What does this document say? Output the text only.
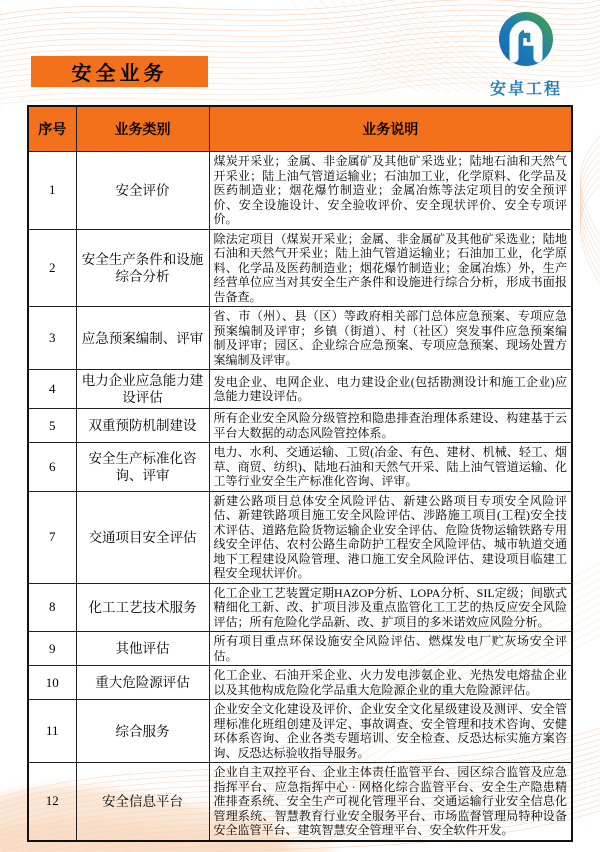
安全业务
安卓工程
序号	业务类别	业务说明
1	安全评价	煤炭开采业；金属、非金属矿及其他矿采选业；陆地石油和天然气开采业；陆上油气管道运输业；石油加工业，化学原料、化学品及医药制造业；烟花爆竹制造业；金属冶炼等法定项目的安全预评价、安全设施设计、安全验收评价、安全现状评价、安全专项评价。
2	安全生产条件和设施综合分析	除法定项目（煤炭开采业；金属、非金属矿及其他矿采选业；陆地石油和天然气开采业；陆上油气管道运输业；石油加工业，化学原料、化学品及医药制造业；烟花爆竹制造业；金属冶炼）外，生产经营单位应当对其安全生产条件和设施进行综合分析，形成书面报告备查。
3	应急预案编制、评审	省、市（州）、县（区）等政府相关部门总体应急预案、专项应急预案编制及评审；乡镇（街道）、村（社区）突发事件应急预案编制及评审；园区、企业综合应急预案、专项应急预案、现场处置方案编制及评审。
4	电力企业应急能力建设评估	发电企业、电网企业、电力建设企业(包括勘测设计和施工企业)应急能力建设评估。
5	双重预防机制建设	所有企业安全风险分级管控和隐患排查治理体系建设、构建基于云平台大数据的动态风险管控体系。
6	安全生产标准化咨询、评审	电力、水利、交通运输、工贸(冶金、有色、建材、机械、轻工、烟草、商贸、纺织)、陆地石油和天然气开采、陆上油气管道运输、化工等行业安全生产标准化咨询、评审。
7	交通项目安全评估	新建公路项目总体安全风险评估、新建公路项目专项安全风险评估、新建铁路项目施工安全风险评估、涉路施工项目(工程)安全技术评估、道路危险货物运输企业安全评估、危险货物运输铁路专用线安全评估、农村公路生命防护工程安全风险评估、城市轨道交通地下工程建设风险管理、港口施工安全风险评估、建设项目临建工程安全现状评价。
8	化工工艺技术服务	化工企业工艺装置定期HAZOP分析、LOPA分析、SIL定级；间歇式精细化工新、改、扩项目涉及重点监管化工工艺的热反应安全风险评估；所有危险化学品新、改、扩项目的多米诺效应风险分析。
9	其他评估	所有项目重点环保设施安全风险评估、燃煤发电厂贮灰场安全评估。
10	重大危险源评估	化工企业、石油开采企业、火力发电涉氨企业、光热发电熔盐企业以及其他构成危险化学品重大危险源企业的重大危险源评估。
11	综合服务	企业安全文化建设及评价、企业安全文化星级建设及测评、安全管理标准化班组创建及评定、事故调查、安全管理和技术咨询、安健环体系咨询、企业各类专题培训、安全检查、反恐达标实施方案咨询、反恐达标验收指导服务。
12	安全信息平台	企业自主双控平台、企业主体责任监管平台、园区综合监管及应急指挥平台、应急指挥中心 · 网格化综合监管平台、安全生产隐患精准排查系统、安全生产可视化管理平台、交通运输行业安全信息化管理系统、智慧教育行业安全服务平台、市场监督管理局特种设备安全监管平台、建筑智慧安全管理平台、安全软件开发。
